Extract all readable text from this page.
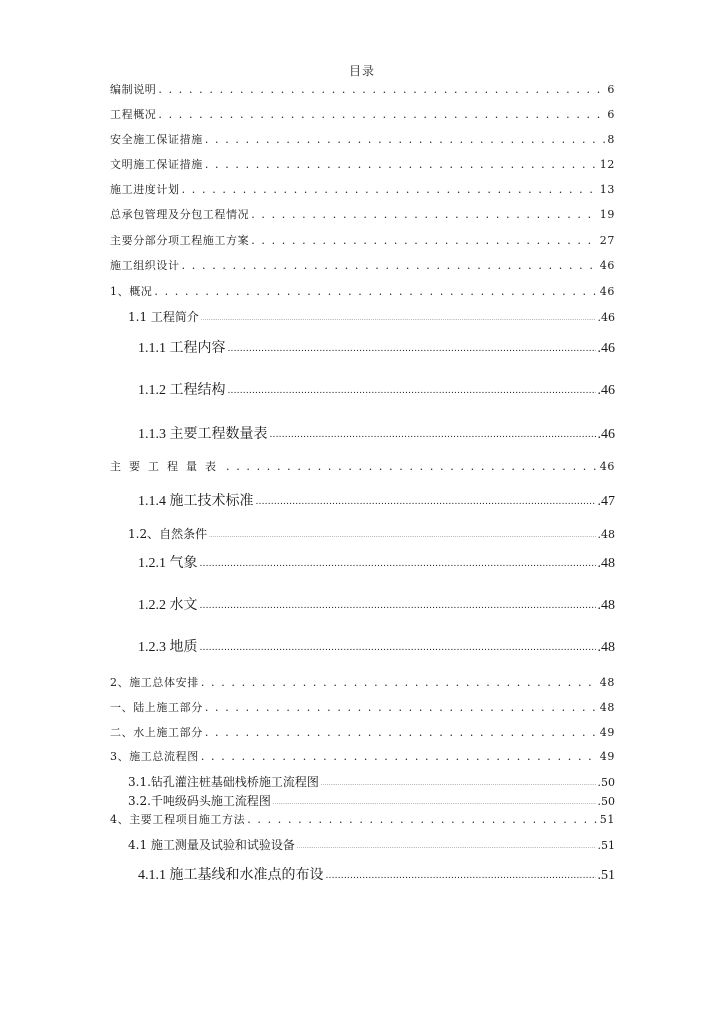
目录
编制说明 . . .	6
工程概况 . . .	6
安全施工保证措施 . . .	8
文明施工保证措施 . . .	12
施工进度计划 . . .	13
总承包管理及分包工程情况 . . .	19
主要分部分项工程施工方案 . . .	27
施工组织设计 . . .	46
1、概况 . . .	46
1.1 工程简介 .....	.46
1.1.1 工程内容 .....	.46
1.1.2 工程结构 .....	.46
1.1.3 主要工程数量表 .....	.46
主要工程量表 . . .	46
1.1.4 施工技术标准 .....	.47
1.2、自然条件 .....	.48
1.2.1 气象 .....	.48
1.2.2 水文 .....	.48
1.2.3 地质 .....	.48
2、施工总体安排 . . .	48
一、陆上施工部分 . . .	48
二、水上施工部分 . . .	49
3、施工总流程图 . . .	49
3.1.钻孔灌注桩基础栈桥施工流程图 .....	.50
3.2.千吨级码头施工流程图 .....	.50
4、主要工程项目施工方法 . . .	51
4.1 施工测量及试验和试验设备 .....	.51
4.1.1 施工基线和水准点的布设 .....	.51
